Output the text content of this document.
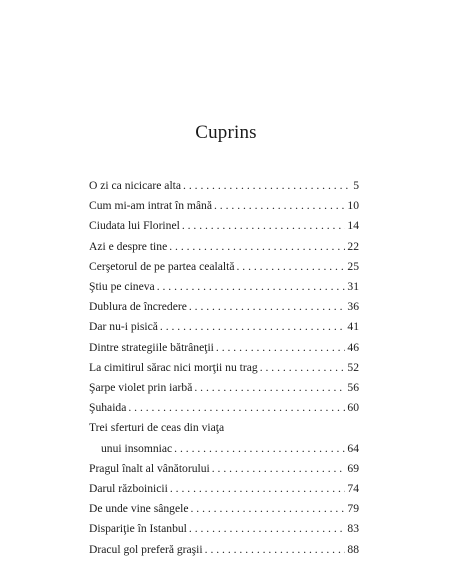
Cuprins
O zi ca nicicare alta . . .	5
Cum mi-am intrat în mână . . .	10
Ciudata lui Florinel . . .	14
Azi e despre tine . . .	22
Cerşetorul de pe partea cealaltă . . .	25
Ştiu pe cineva . . .	31
Dublura de încredere . . .	36
Dar nu-i pisică . . .	41
Dintre strategiile bătrâneţii . . .	46
La cimitirul sărac nici morţii nu trag . . .	52
Şarpe violet prin iarbă . . .	56
Şuhaida . . .	60
Trei sferturi de ceas din viaţa
unui insomniac . . .	64
Pragul înalt al vânătorului . . .	69
Darul războinicii . . .	74
De unde vine sângele . . .	79
Dispariţie în Istanbul . . .	83
Dracul gol preferă graşii . . .	88
